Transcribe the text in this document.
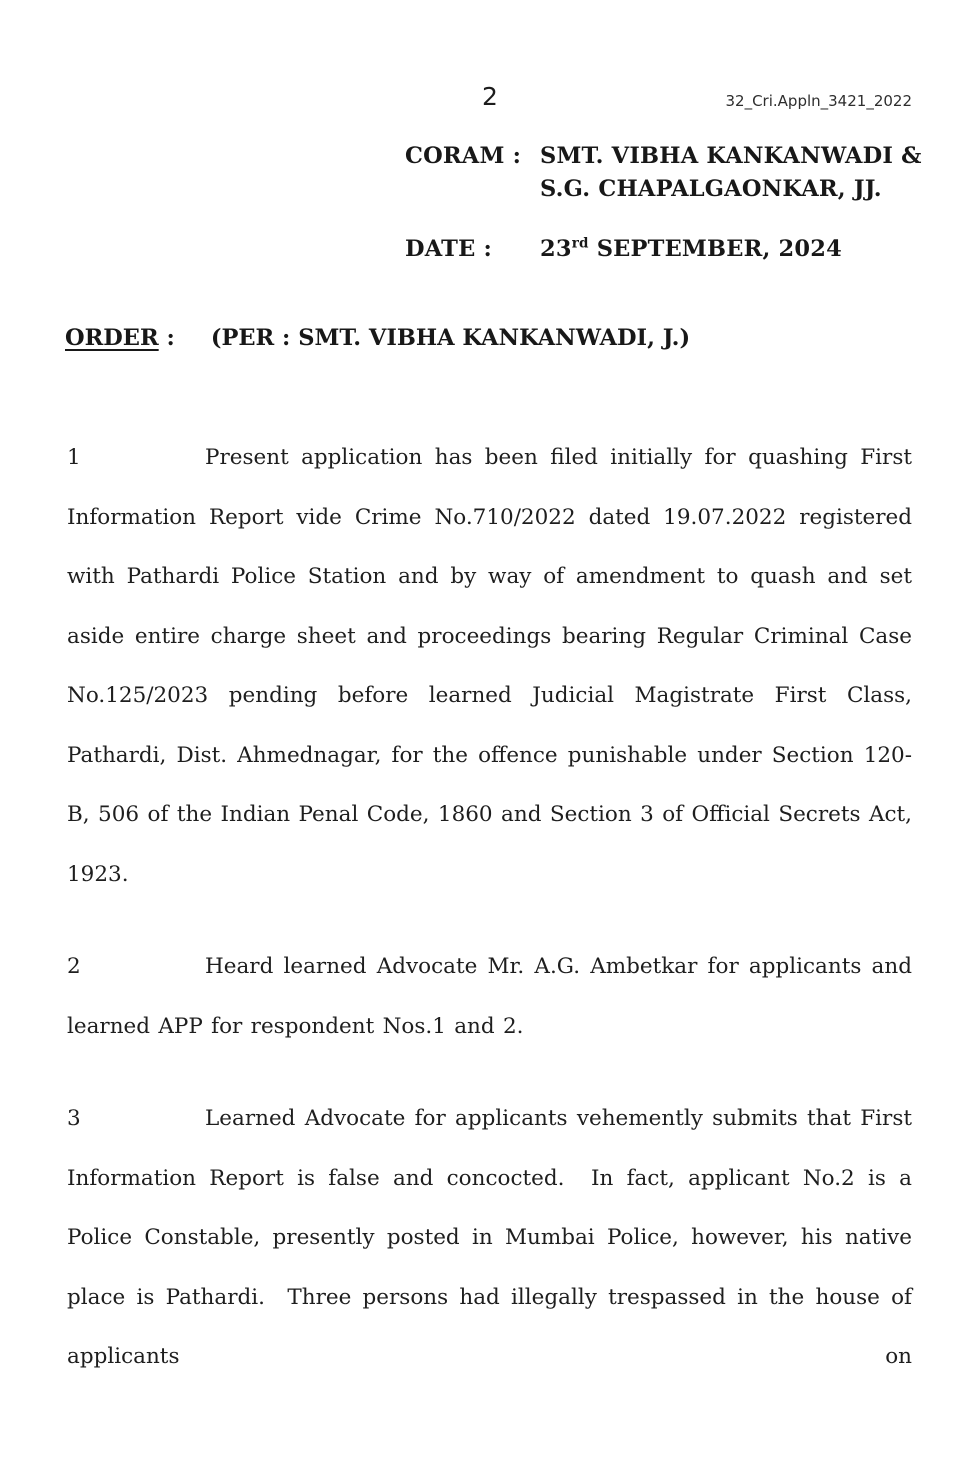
2	32_Cri.Appln_3421_2022
CORAM : SMT. VIBHA KANKANWADI &
S.G. CHAPALGAONKAR, JJ.
DATE :	23rd SEPTEMBER, 2024
ORDER : (PER : SMT. VIBHA KANKANWADI, J.)

1	Present application has been filed initially for quashing First Information Report vide Crime No.710/2022 dated 19.07.2022 registered with Pathardi Police Station and by way of amendment to quash and set aside entire charge sheet and proceedings bearing Regular Criminal Case No.125/2023 pending before learned Judicial Magistrate First Class, Pathardi, Dist. Ahmednagar, for the offence punishable under Section 120-B, 506 of the Indian Penal Code, 1860 and Section 3 of Official Secrets Act, 1923.

2	Heard learned Advocate Mr. A.G. Ambetkar for applicants and learned APP for respondent Nos.1 and 2.

3	Learned Advocate for applicants vehemently submits that First Information Report is false and concocted.  In fact, applicant No.2 is a Police Constable, presently posted in Mumbai Police, however, his native place is Pathardi.  Three persons had illegally trespassed in the house of applicants on
